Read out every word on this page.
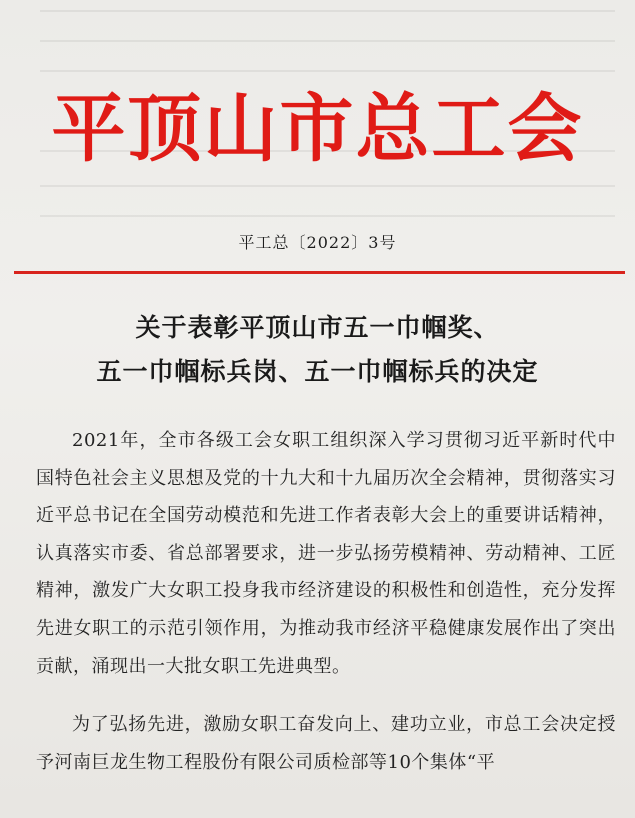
平顶山市总工会
平工总〔2022〕3号
关于表彰平顶山市五一巾帼奖、
五一巾帼标兵岗、五一巾帼标兵的决定
2021年，全市各级工会女职工组织深入学习贯彻习近平新时代中国特色社会主义思想及党的十九大和十九届历次全会精神，贯彻落实习近平总书记在全国劳动模范和先进工作者表彰大会上的重要讲话精神，认真落实市委、省总部署要求，进一步弘扬劳模精神、劳动精神、工匠精神，激发广大女职工投身我市经济建设的积极性和创造性，充分发挥先进女职工的示范引领作用，为推动我市经济平稳健康发展作出了突出贡献，涌现出一大批女职工先进典型。
为了弘扬先进，激励女职工奋发向上、建功立业，市总工会决定授予河南巨龙生物工程股份有限公司质检部等10个集体“平
